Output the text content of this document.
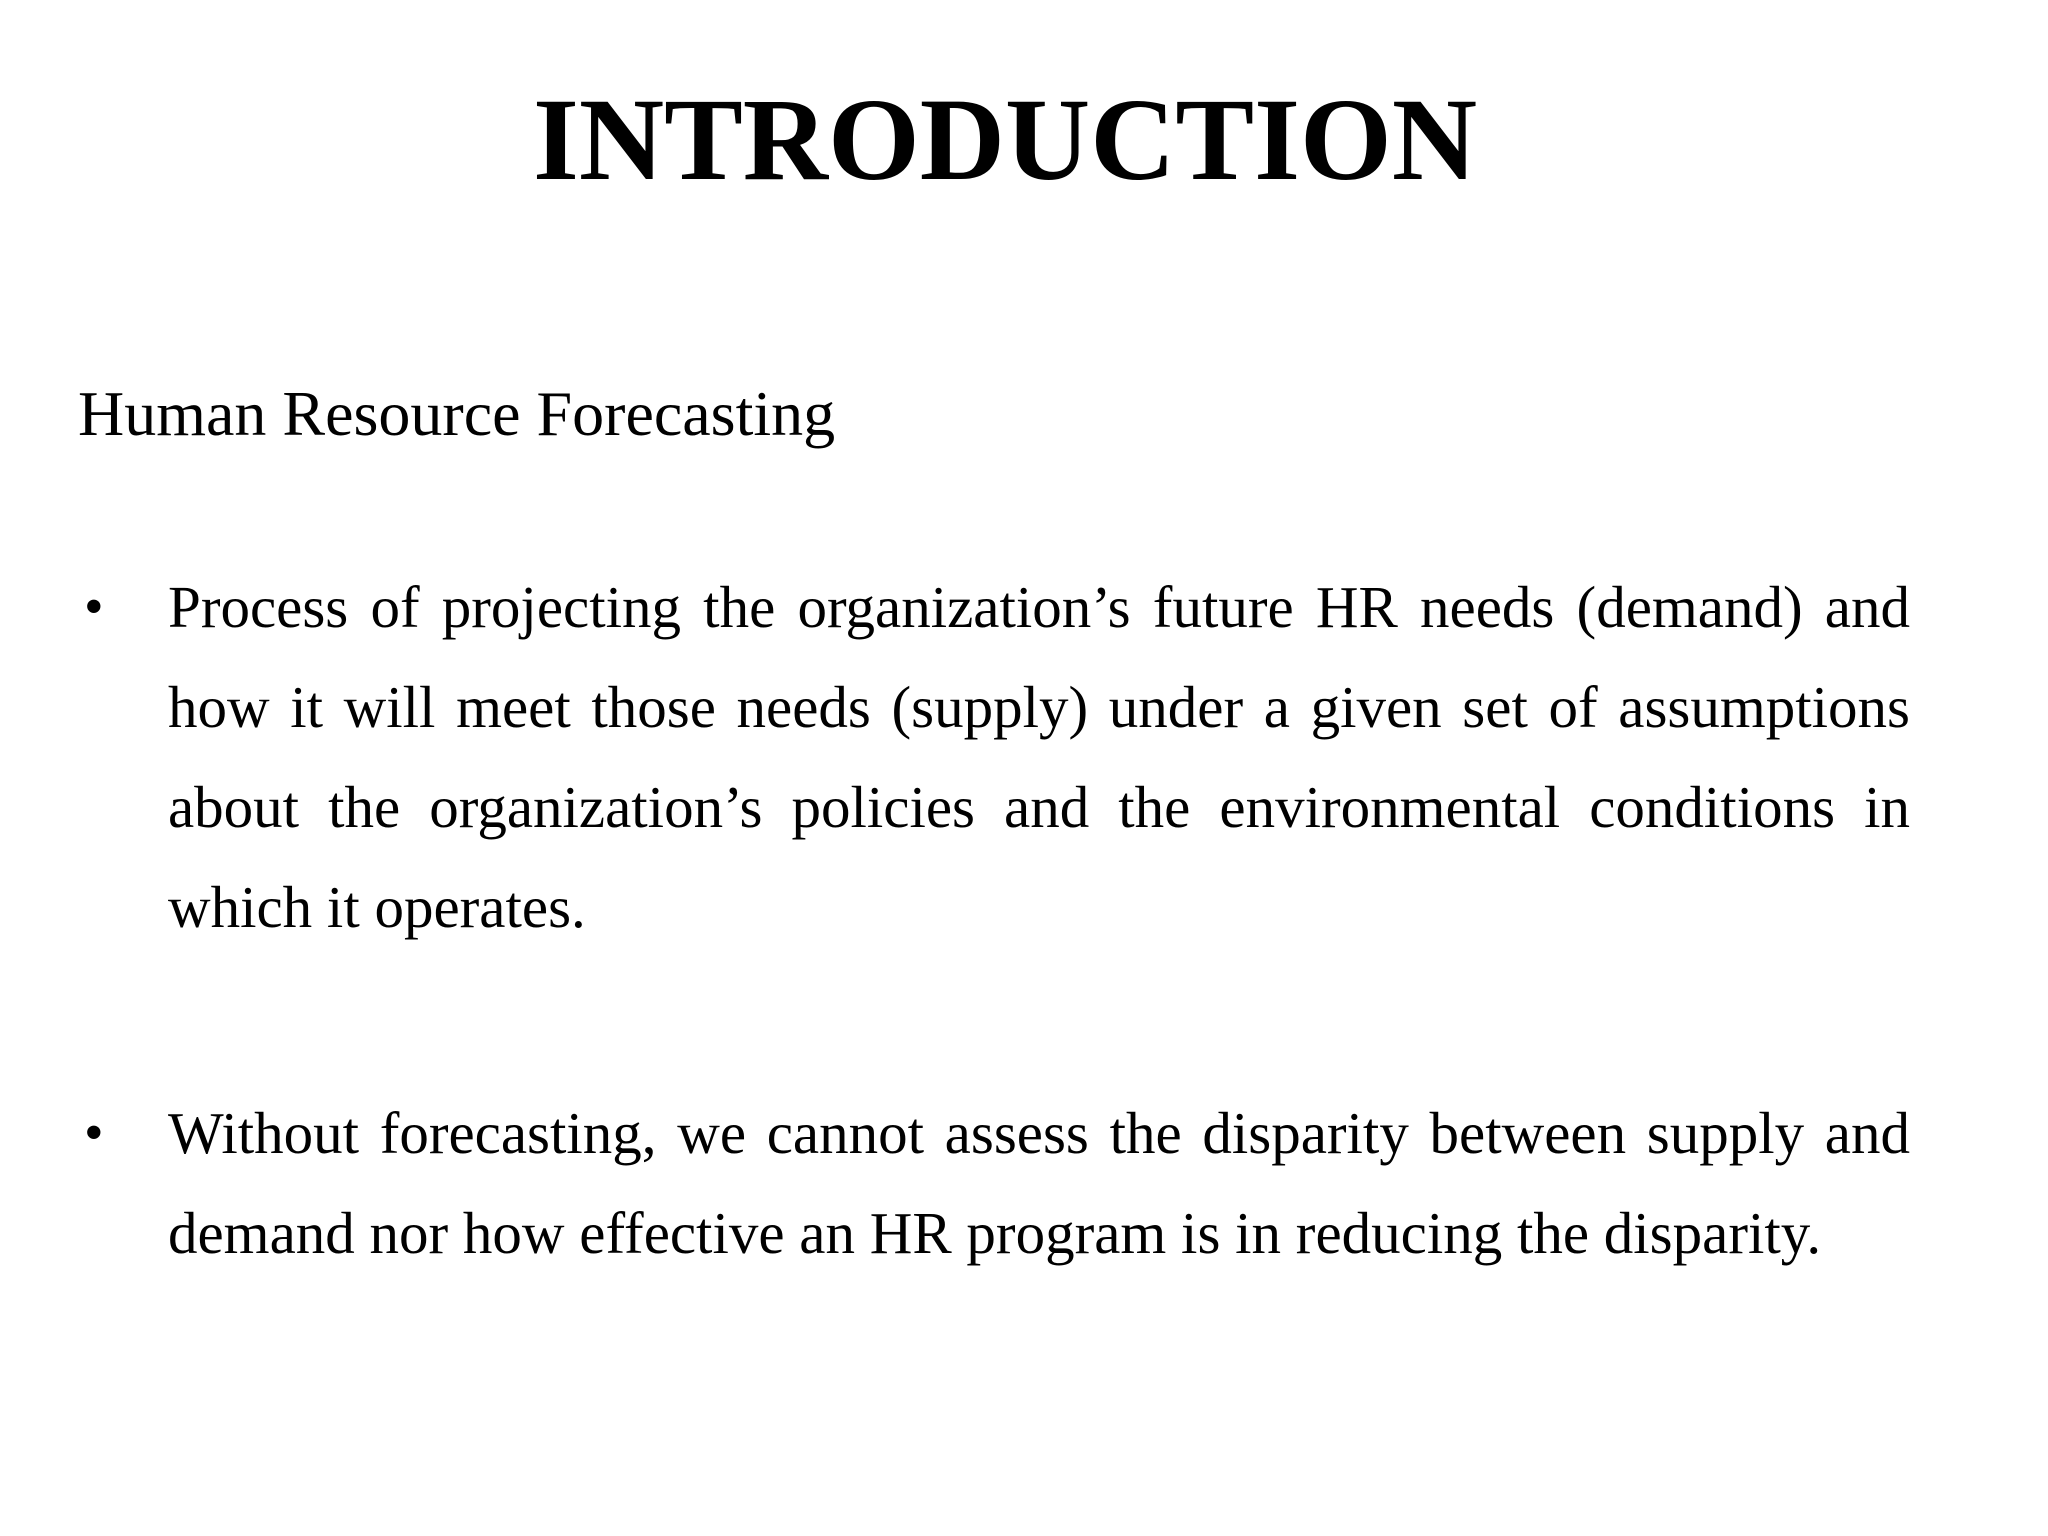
INTRODUCTION

Human Resource Forecasting

• Process of projecting the organization’s future HR needs (demand) and how it will meet those needs (supply) under a given set of assumptions about the organization’s policies and the environmental conditions in which it operates.

• Without forecasting, we cannot assess the disparity between supply and demand nor how effective an HR program is in reducing the disparity.
